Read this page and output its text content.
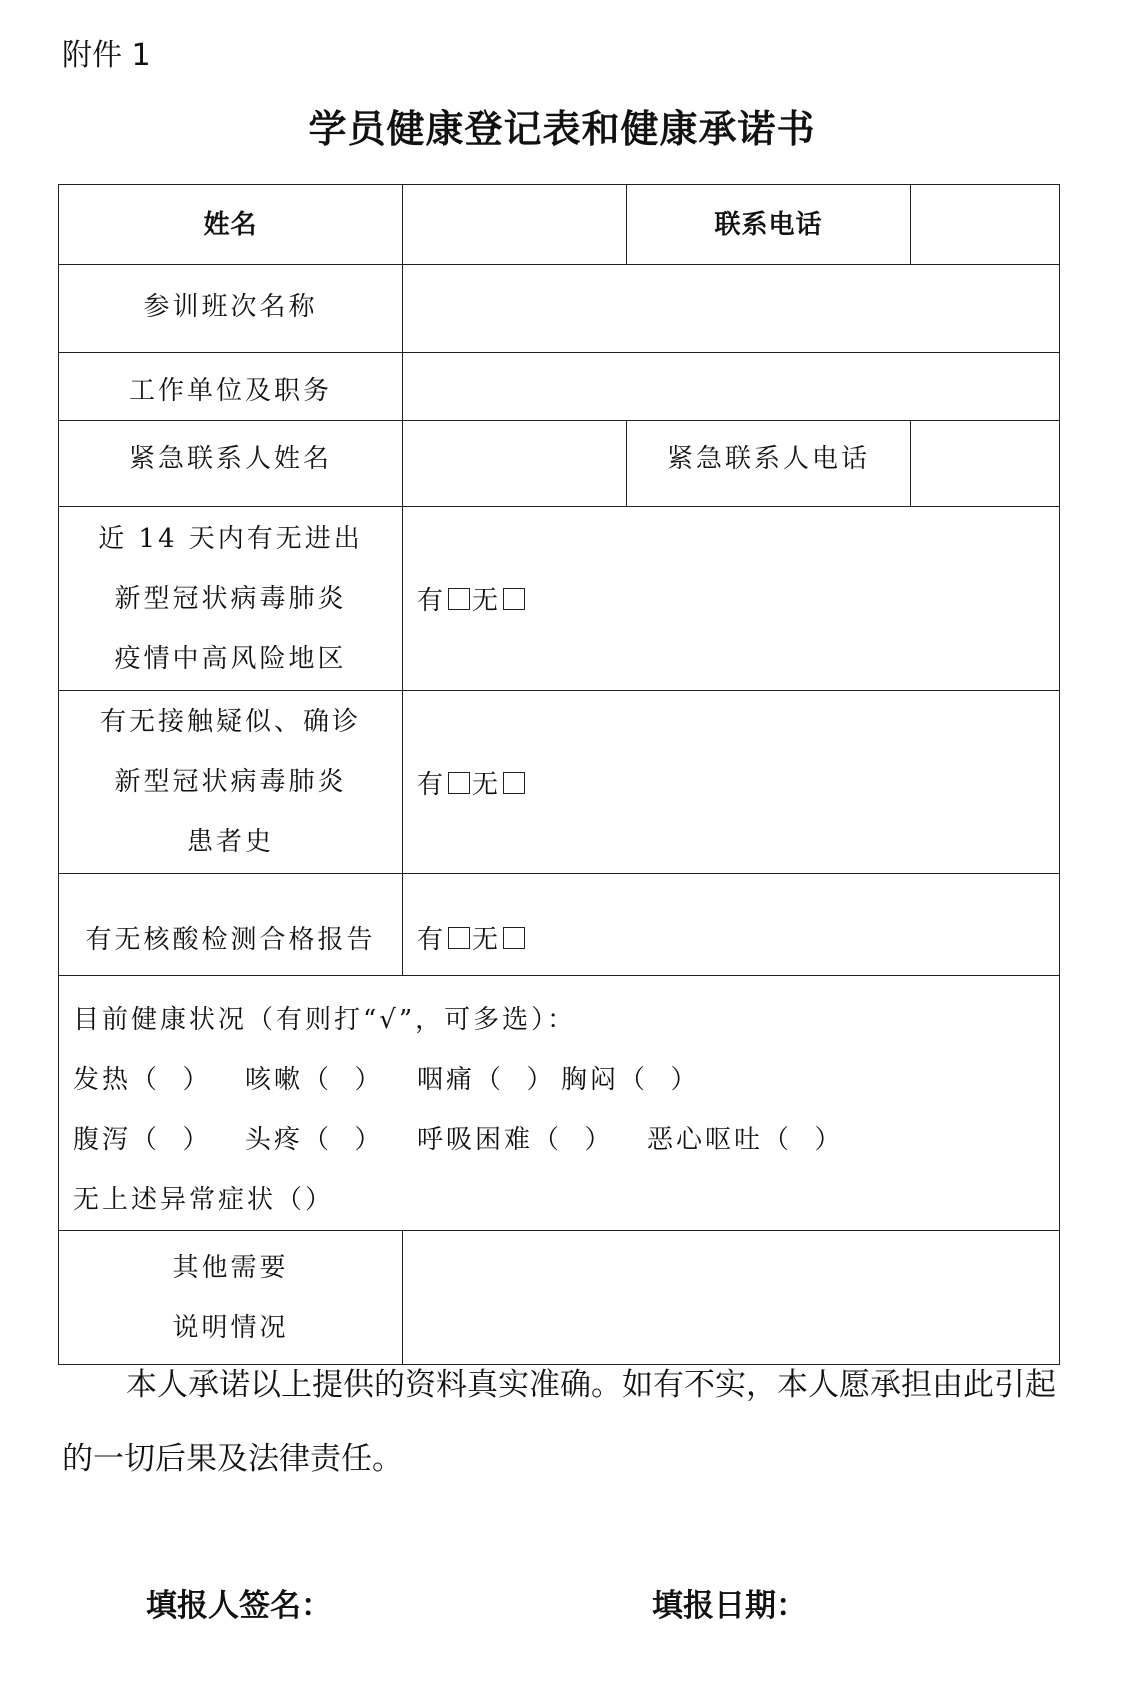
附件 1
学员健康登记表和健康承诺书
姓名		联系电话	
参训班次名称			
工作单位及职务			
紧急联系人姓名		紧急联系人电话	

近 14 天内有无进出
新型冠状病毒肺炎
疫情中高风险地区	有 无		

有无接触疑似、确诊
新型冠状病毒肺炎
患者史	有 无		
有无核酸检测合格报告	有 无		

目前健康状况（有则打“√”，可多选）：
发热（  ） 咳嗽（  ） 咽痛（  ） 胸闷（  ）
腹泻（  ） 头疼（  ） 呼吸困难（  ） 恶心呕吐（  ）
无上述异常症状（）			

其他需要
说明情况			

本人承诺以上提供的资料真实准确。如有不实，本人愿承担由此引起的一切后果及法律责任。
填报人签名：	填报日期：
